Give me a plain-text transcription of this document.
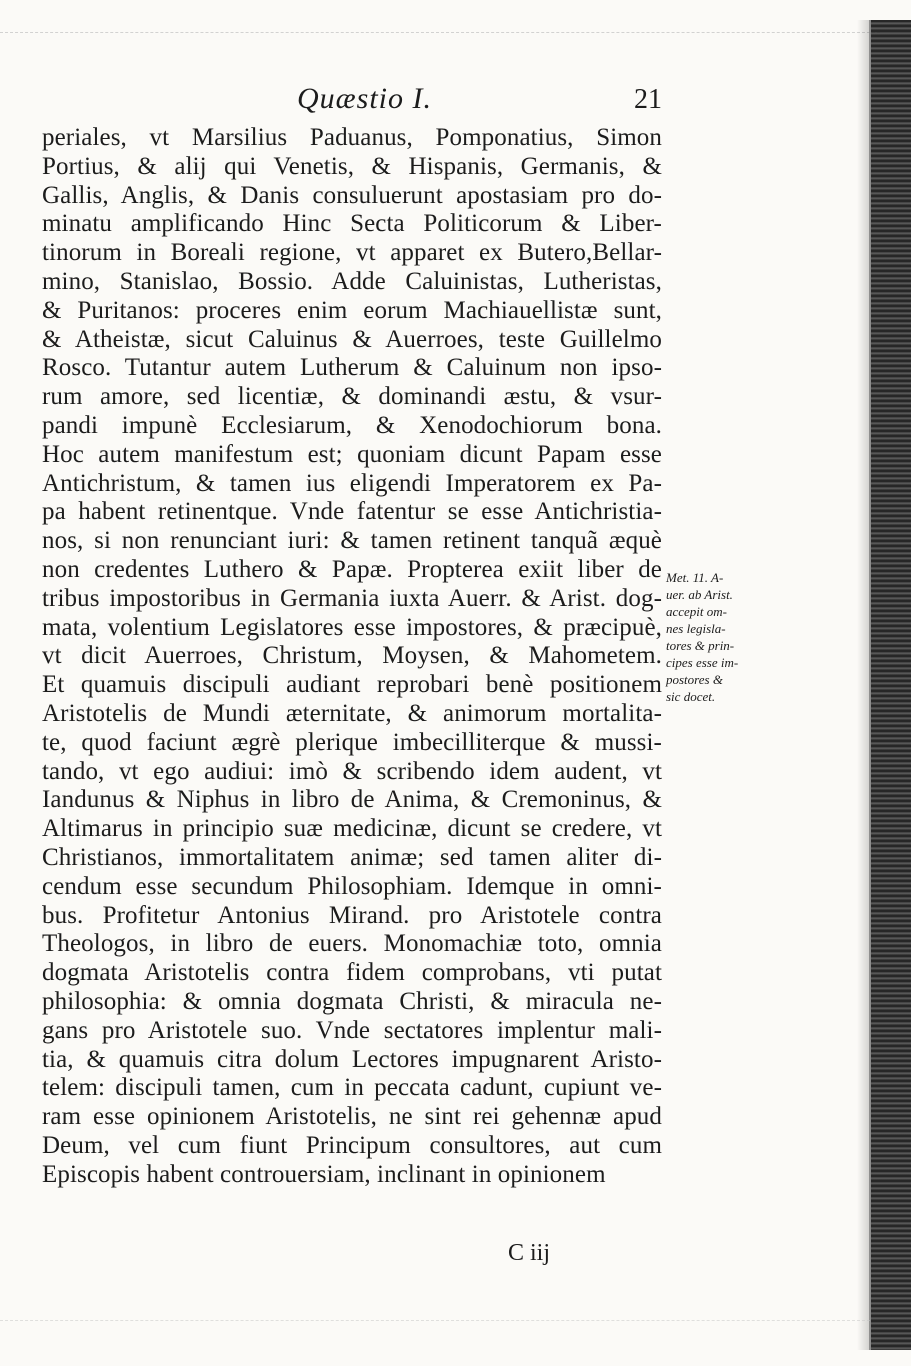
Quæstio I.	21
periales, vt Marsilius Paduanus, Pomponatius, Simon
Portius, & alij qui Venetis, & Hispanis, Germanis, &
Gallis, Anglis, & Danis consuluerunt apostasiam pro do-
minatu amplificando Hinc Secta Politicorum & Liber-
tinorum in Boreali regione, vt apparet ex Butero,Bellar-
mino, Stanislao, Bossio. Adde Caluinistas, Lutheristas,
& Puritanos: proceres enim eorum Machiauellistæ sunt,
& Atheistæ, sicut Caluinus & Auerroes, teste Guillelmo
Rosco. Tutantur autem Lutherum & Caluinum non ipso-
rum amore, sed licentiæ, & dominandi æstu, & vsur-
pandi impunè Ecclesiarum, & Xenodochiorum bona.
Hoc autem manifestum est; quoniam dicunt Papam esse
Antichristum, & tamen ius eligendi Imperatorem ex Pa-
pa habent retinentque. Vnde fatentur se esse Antichristia-
nos, si non renunciant iuri: & tamen retinent tanquã æquè
non credentes Luthero & Papæ. Propterea exiit liber de
tribus impostoribus in Germania iuxta Auerr. & Arist. dog-
mata, volentium Legislatores esse impostores, & præcipuè,
vt dicit Auerroes, Christum, Moysen, & Mahometem.
Et quamuis discipuli audiant reprobari benè positionem
Aristotelis de Mundi æternitate, & animorum mortalita-
te, quod faciunt ægrè plerique imbecilliterque & mussi-
tando, vt ego audiui: imò & scribendo idem audent, vt
Iandunus & Niphus in libro de Anima, & Cremoninus, &
Altimarus in principio suæ medicinæ, dicunt se credere, vt
Christianos, immortalitatem animæ; sed tamen aliter di-
cendum esse secundum Philosophiam. Idemque in omni-
bus. Profitetur Antonius Mirand. pro Aristotele contra
Theologos, in libro de euers. Monomachiæ toto, omnia
dogmata Aristotelis contra fidem comprobans, vti putat
philosophia: & omnia dogmata Christi, & miracula ne-
gans pro Aristotele suo. Vnde sectatores implentur mali-
tia, & quamuis citra dolum Lectores impugnarent Aristo-
telem: discipuli tamen, cum in peccata cadunt, cupiunt ve-
ram esse opinionem Aristotelis, ne sint rei gehennæ apud
Deum, vel cum fiunt Principum consultores, aut cum
Episcopis habent controuersiam, inclinant in opinionem
Met. 11. A-
uer. ab Arist.
accepit om-
nes legisla-
tores & prin-
cipes esse im-
postores &
sic docet.
C iij
